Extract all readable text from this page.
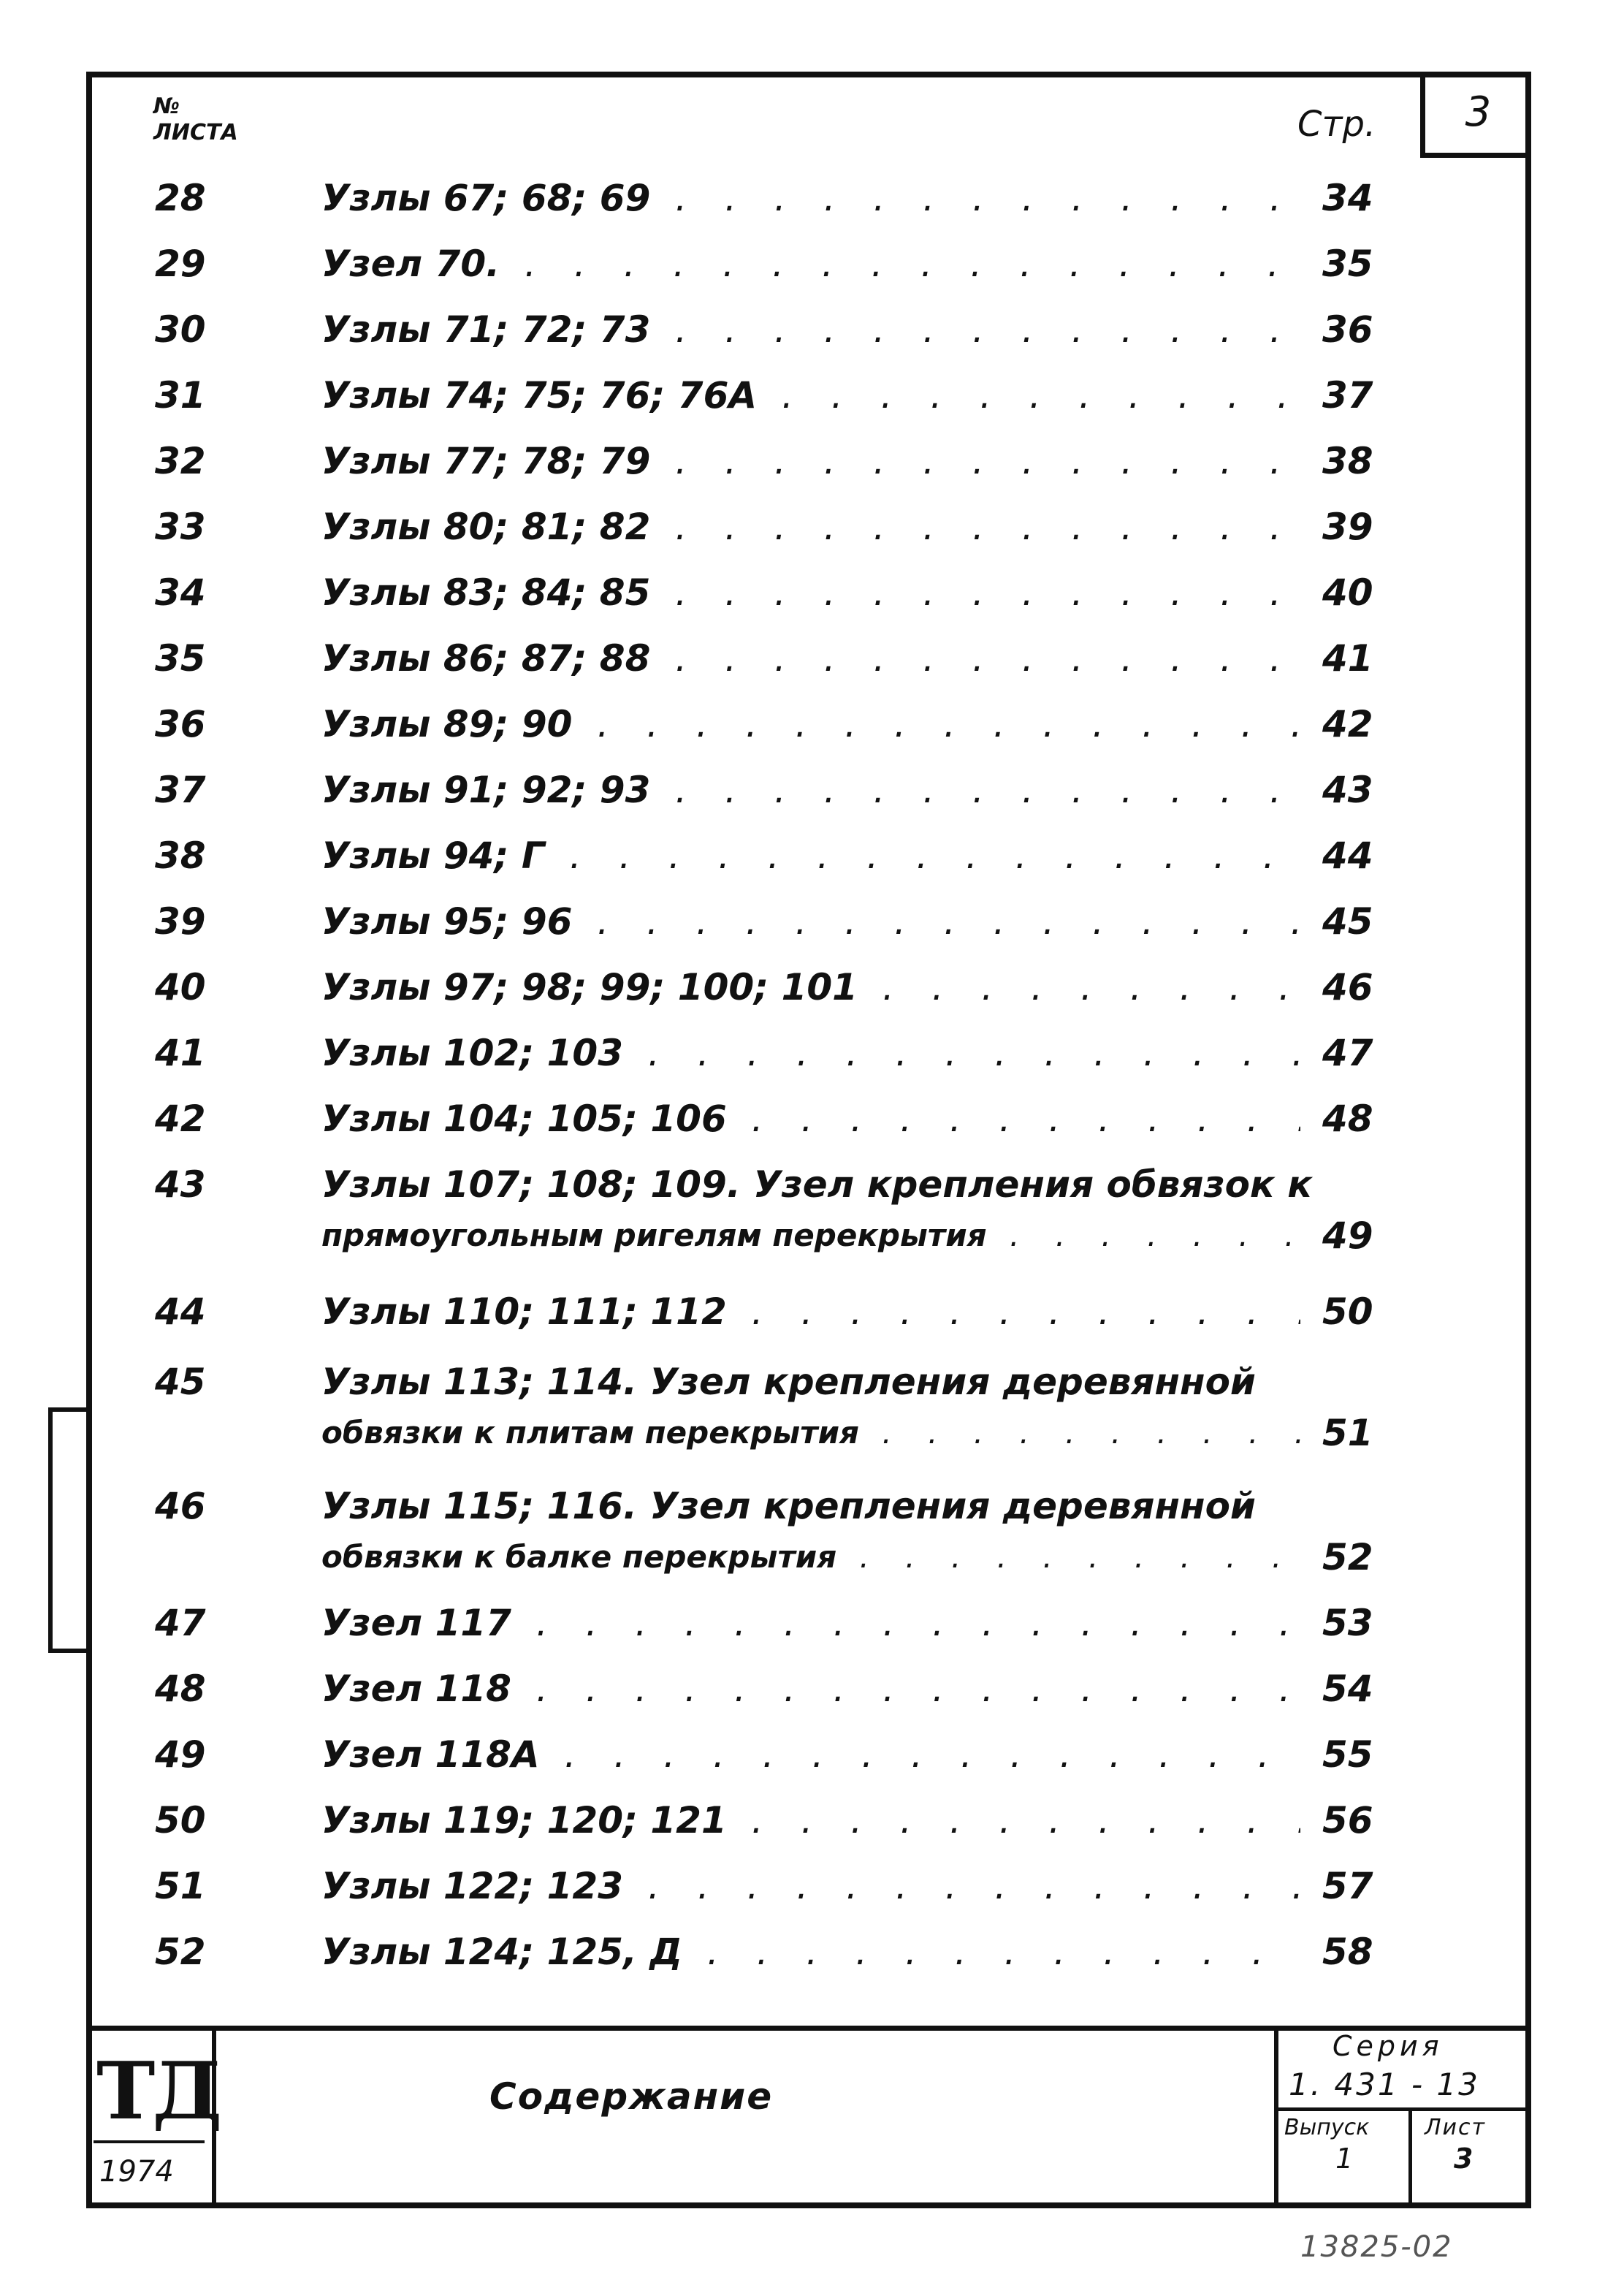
3
№
ЛИСТА	Стр.
28	Узлы 67; 68; 69 . . .	34
29	Узел 70. . . .	35
30	Узлы 71; 72; 73 . . .	36
31	Узлы 74; 75; 76; 76А . . .	37
32	Узлы 77; 78; 79 . . .	38
33	Узлы 80; 81; 82 . . .	39
34	Узлы 83; 84; 85 . . .	40
35	Узлы 86; 87; 88 . . .	41
36	Узлы 89; 90 . . .	42
37	Узлы 91; 92; 93 . . .	43
38	Узлы 94; Г . . .	44
39	Узлы 95; 96 . . .	45
40	Узлы 97; 98; 99; 100; 101 . . .	46
41	Узлы 102; 103 . . .	47
42	Узлы 104; 105; 106 . . .	48
43	Узлы 107; 108; 109. Узел крепления обвязок к
прямоугольным ригелям перекрытия . . .	49
44	Узлы 110; 111; 112 . . .	50
45	Узлы 113; 114. Узел крепления деревянной
обвязки к плитам перекрытия . . .	51
46	Узлы 115; 116. Узел крепления деревянной
обвязки к балке перекрытия . . .	52
47	Узел 117 . . .	53
48	Узел 118 . . .	54
49	Узел 118А . . .	55
50	Узлы 119; 120; 121 . . .	56
51	Узлы 122; 123 . . .	57
52	Узлы 124; 125, Д . . .	58
ТД
1974
Содержание
Серия
1. 431 - 13
Выпуск
1
Лист
3
13825-02
